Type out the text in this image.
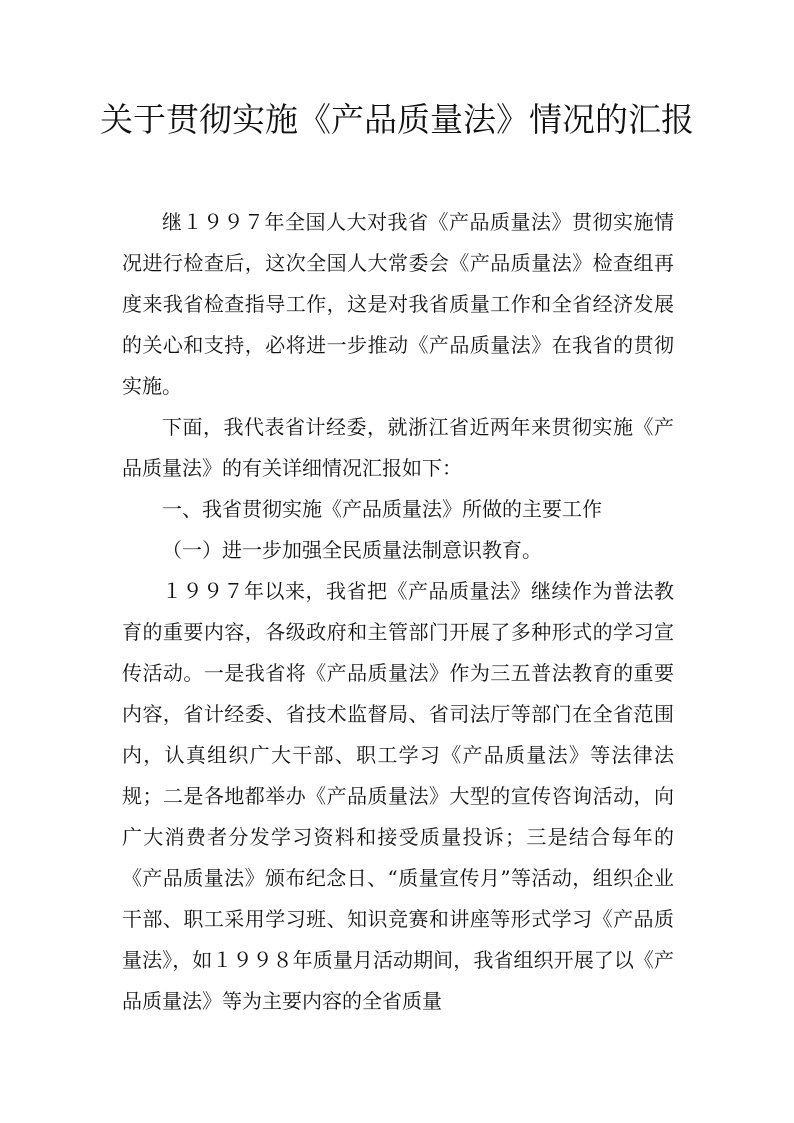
关于贯彻实施《产品质量法》情况的汇报

继１９９７年全国人大对我省《产品质量法》贯彻实施情况进行检查后，这次全国人大常委会《产品质量法》检查组再度来我省检查指导工作，这是对我省质量工作和全省经济发展的关心和支持，必将进一步推动《产品质量法》在我省的贯彻实施。

下面，我代表省计经委，就浙江省近两年来贯彻实施《产品质量法》的有关详细情况汇报如下：

一、我省贯彻实施《产品质量法》所做的主要工作

（一）进一步加强全民质量法制意识教育。

１９９７年以来，我省把《产品质量法》继续作为普法教育的重要内容，各级政府和主管部门开展了多种形式的学习宣传活动。一是我省将《产品质量法》作为三五普法教育的重要内容，省计经委、省技术监督局、省司法厅等部门在全省范围内，认真组织广大干部、职工学习《产品质量法》等法律法规；二是各地都举办《产品质量法》大型的宣传咨询活动，向广大消费者分发学习资料和接受质量投诉；三是结合每年的《产品质量法》颁布纪念日、“质量宣传月”等活动，组织企业干部、职工采用学习班、知识竞赛和讲座等形式学习《产品质量法》，如１９９８年质量月活动期间，我省组织开展了以《产品质量法》等为主要内容的全省质量
